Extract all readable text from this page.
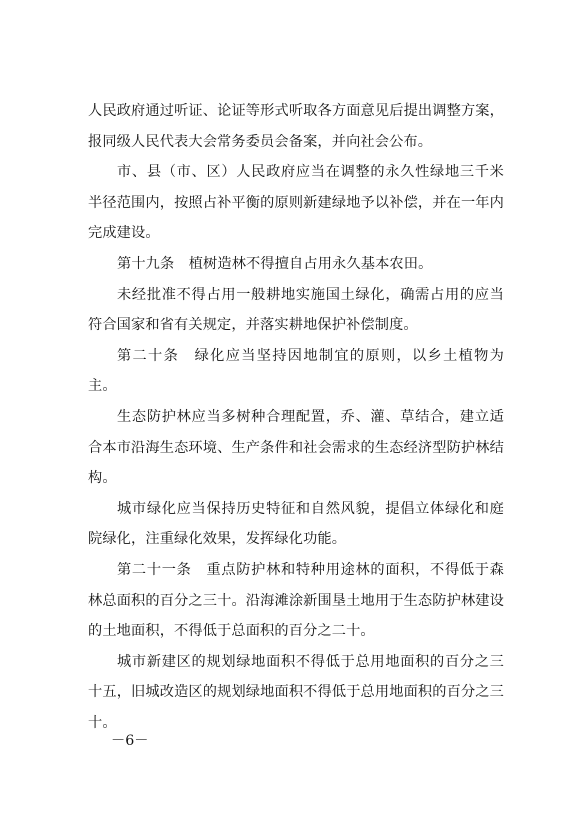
人民政府通过听证、论证等形式听取各方面意见后提出调整方案，报同级人民代表大会常务委员会备案，并向社会公布。

市、县（市、区）人民政府应当在调整的永久性绿地三千米半径范围内，按照占补平衡的原则新建绿地予以补偿，并在一年内完成建设。

第十九条　植树造林不得擅自占用永久基本农田。

未经批准不得占用一般耕地实施国土绿化，确需占用的应当符合国家和省有关规定，并落实耕地保护补偿制度。

第二十条　绿化应当坚持因地制宜的原则，以乡土植物为主。

生态防护林应当多树种合理配置，乔、灌、草结合，建立适合本市沿海生态环境、生产条件和社会需求的生态经济型防护林结构。

城市绿化应当保持历史特征和自然风貌，提倡立体绿化和庭院绿化，注重绿化效果，发挥绿化功能。

第二十一条　重点防护林和特种用途林的面积，不得低于森林总面积的百分之三十。沿海滩涂新围垦土地用于生态防护林建设的土地面积，不得低于总面积的百分之二十。

城市新建区的规划绿地面积不得低于总用地面积的百分之三十五，旧城改造区的规划绿地面积不得低于总用地面积的百分之三十。

－6－
